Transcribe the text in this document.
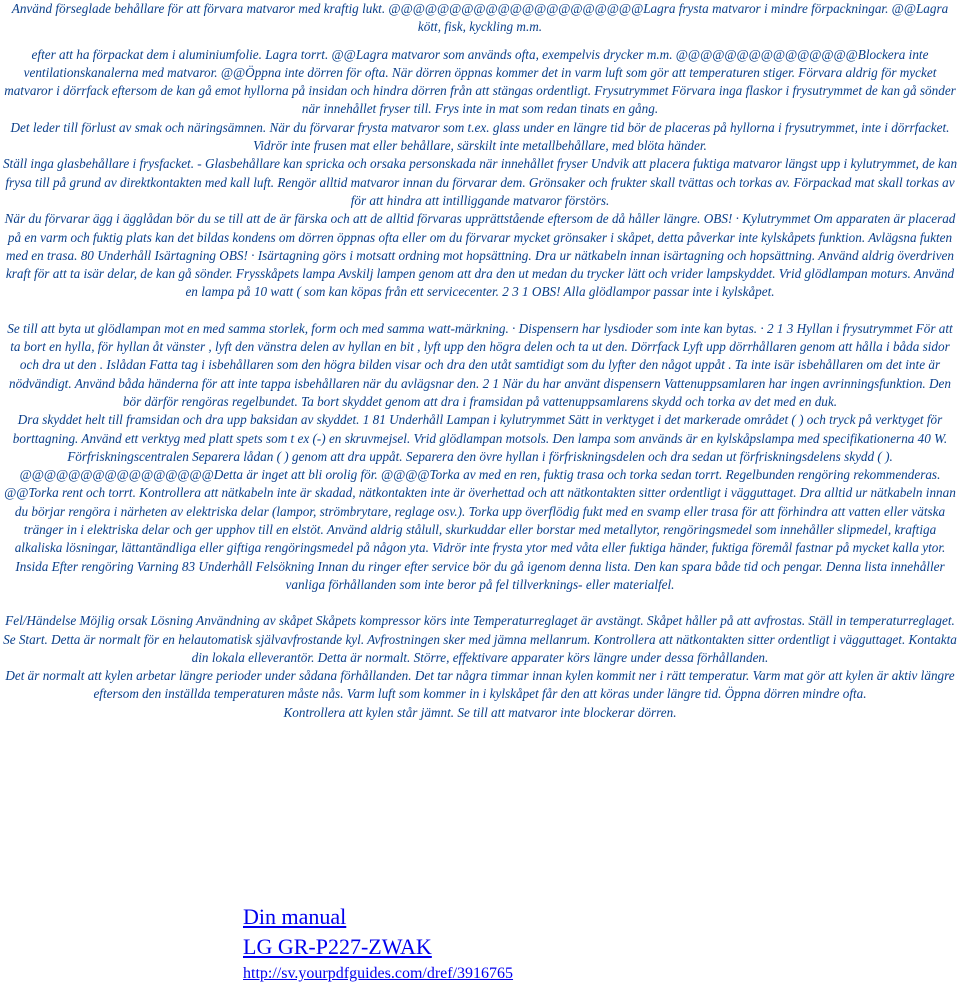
Använd förseglade behållare för att förvara matvaror med kraftig lukt. @@@@@@@@@@@@@@@@@@@@@Lagra frysta matvaror i mindre förpackningar. @@Lagra kött, fisk, kyckling m.m.

efter att ha förpackat dem i aluminiumfolie. Lagra torrt. @@Lagra matvaror som används ofta, exempelvis drycker m.m. @@@@@@@@@@@@@@@Blockera inte ventilationskanalerna med matvaror. @@Öppna inte dörren för ofta. När dörren öppnas kommer det in varm luft som gör att temperaturen stiger. Förvara aldrig för mycket matvaror i dörrfack eftersom de kan gå emot hyllorna på insidan och hindra dörren från att stängas ordentligt. Frysutrymmet Förvara inga flaskor i frysutrymmet de kan gå sönder när innehållet fryser till. Frys inte in mat som redan tinats en gång.

Det leder till förlust av smak och näringsämnen. När du förvarar frysta matvaror som t.ex. glass under en längre tid bör de placeras på hyllorna i frysutrymmet, inte i dörrfacket. Vidrör inte frusen mat eller behållare, särskilt inte metallbehållare, med blöta händer.

Ställ inga glasbehållare i frysfacket. - Glasbehållare kan spricka och orsaka personskada när innehållet fryser Undvik att placera fuktiga matvaror längst upp i kylutrymmet, de kan frysa till på grund av direktkontakten med kall luft. Rengör alltid matvaror innan du förvarar dem. Grönsaker och frukter skall tvättas och torkas av. Förpackad mat skall torkas av för att hindra att intilliggande matvaror förstörs.

När du förvarar ägg i ägglådan bör du se till att de är färska och att de alltid förvaras upprättstående eftersom de då håller längre. OBS! · Kylutrymmet Om apparaten är placerad på en varm och fuktig plats kan det bildas kondens om dörren öppnas ofta eller om du förvarar mycket grönsaker i skåpet, detta påverkar inte kylskåpets funktion. Avlägsna fukten med en trasa. 80 Underhåll Isärtagning OBS! · Isärtagning görs i motsatt ordning mot hopsättning. Dra ur nätkabeln innan isärtagning och hopsättning. Använd aldrig överdriven kraft för att ta isär delar, de kan gå sönder. Frysskåpets lampa Avskilj lampen genom att dra den ut medan du trycker lätt och vrider lampskyddet. Vrid glödlampan moturs. Använd en lampa på 10 watt ( som kan köpas från ett servicecenter. 2 3 1 OBS! Alla glödlampor passar inte i kylskåpet.

Se till att byta ut glödlampan mot en med samma storlek, form och med samma watt-märkning. · Dispensern har lysdioder som inte kan bytas. · 2 1 3 Hyllan i frysutrymmet För att ta bort en hylla, för hyllan åt vänster , lyft den vänstra delen av hyllan en bit , lyft upp den högra delen och ta ut den. Dörrfack Lyft upp dörrhållaren genom att hålla i båda sidor och dra ut den . Islådan Fatta tag i isbehållaren som den högra bilden visar och dra den utåt samtidigt som du lyfter den något uppåt . Ta inte isär isbehållaren om det inte är nödvändigt. Använd båda händerna för att inte tappa isbehållaren när du avlägsnar den. 2 1 När du har använt dispensern Vattenuppsamlaren har ingen avrinningsfunktion. Den bör därför rengöras regelbundet. Ta bort skyddet genom att dra i framsidan på vattenuppsamlarens skydd och torka av det med en duk.

Dra skyddet helt till framsidan och dra upp baksidan av skyddet. 1 81 Underhåll Lampan i kylutrymmet Sätt in verktyget i det markerade området ( ) och tryck på verktyget för borttagning. Använd ett verktyg med platt spets som t ex (-) en skruvmejsel. Vrid glödlampan motsols. Den lampa som används är en kylskåpslampa med specifikationerna 40 W.

Förfriskningscentralen Separera lådan ( ) genom att dra uppåt. Separera den övre hyllan i förfriskningsdelen och dra sedan ut förfriskningsdelens skydd ( ). @@@@@@@@@@@@@@@@Detta är inget att bli orolig för. @@@@Torka av med en ren, fuktig trasa och torka sedan torrt. Regelbunden rengöring rekommenderas.

@@Torka rent och torrt. Kontrollera att nätkabeln inte är skadad, nätkontakten inte är överhettad och att nätkontakten sitter ordentligt i vägguttaget. Dra alltid ur nätkabeln innan du börjar rengöra i närheten av elektriska delar (lampor, strömbrytare, reglage osv.). Torka upp överflödig fukt med en svamp eller trasa för att förhindra att vatten eller vätska tränger in i elektriska delar och ger upphov till en elstöt. Använd aldrig stålull, skurkuddar eller borstar med metallytor, rengöringsmedel som innehåller slipmedel, kraftiga alkaliska lösningar, lättantändliga eller giftiga rengöringsmedel på någon yta. Vidrör inte frysta ytor med våta eller fuktiga händer, fuktiga föremål fastnar på mycket kalla ytor. Insida Efter rengöring Varning 83 Underhåll Felsökning Innan du ringer efter service bör du gå igenom denna lista. Den kan spara både tid och pengar. Denna lista innehåller vanliga förhållanden som inte beror på fel tillverknings- eller materialfel.

Fel/Händelse Möjlig orsak Lösning Användning av skåpet Skåpets kompressor körs inte Temperaturreglaget är avstängt. Skåpet håller på att avfrostas. Ställ in temperaturreglaget. Se Start. Detta är normalt för en helautomatisk självavfrostande kyl. Avfrostningen sker med jämna mellanrum. Kontrollera att nätkontakten sitter ordentligt i vägguttaget. Kontakta din lokala elleverantör. Detta är normalt. Större, effektivare apparater körs längre under dessa förhållanden.

Det är normalt att kylen arbetar längre perioder under sådana förhållanden. Det tar några timmar innan kylen kommit ner i rätt temperatur. Varm mat gör att kylen är aktiv längre eftersom den inställda temperaturen måste nås. Varm luft som kommer in i kylskåpet får den att köras under längre tid. Öppna dörren mindre ofta.

Kontrollera att kylen står jämnt. Se till att matvaror inte blockerar dörren.

Din manual
LG GR-P227-ZWAK
http://sv.yourpdfguides.com/dref/3916765
